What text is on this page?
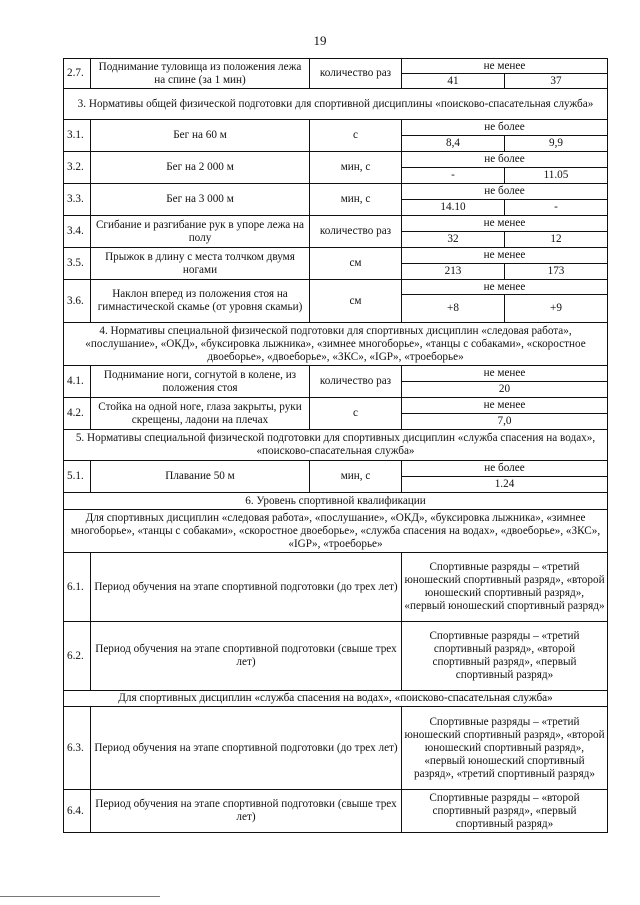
19
2.7.	Поднимание туловища из положения лежа на спине (за 1 мин)	количество раз	не менее	
			41	37
3. Нормативы общей физической подготовки для спортивной дисциплины «поисково-спасательная служба»				
3.1.	Бег на 60 м	с	не более	
			8,4	9,9
3.2.	Бег на 2 000 м	мин, с	не более	
			-	11.05
3.3.	Бег на 3 000 м	мин, с	не более	
			14.10	-
3.4.	Сгибание и разгибание рук в упоре лежа на полу	количество раз	не менее	
			32	12
3.5.	Прыжок в длину с места толчком двумя ногами	см	не менее	
			213	173
3.6.	Наклон вперед из положения стоя на гимнастической скамье (от уровня скамьи)	см	не менее	
			+8	+9
4. Нормативы специальной физической подготовки для спортивных дисциплин «следовая работа», «послушание», «ОКД», «буксировка лыжника», «зимнее многоборье», «танцы с собаками», «скоростное двоеборье», «двоеборье», «ЗКС», «IGP», «троеборье»				
4.1.	Поднимание ноги, согнутой в колене, из положения стоя	количество раз	не менее	
			20	
4.2.	Стойка на одной ноге, глаза закрыты, руки скрещены, ладони на плечах	с	не менее	
			7,0	
5. Нормативы специальной физической подготовки для спортивных дисциплин «служба спасения на водах», «поисково-спасательная служба»				
5.1.	Плавание 50 м	мин, с	не более	
			1.24	
6. Уровень спортивной квалификации				
Для спортивных дисциплин «следовая работа», «послушание», «ОКД», «буксировка лыжника», «зимнее многоборье», «танцы с собаками», «скоростное двоеборье», «служба спасения на водах», «двоеборье», «ЗКС», «IGP», «троеборье»				
6.1.	Период обучения на этапе спортивной подготовки (до трех лет)		Спортивные разряды – «третий юношеский спортивный разряд», «второй юношеский спортивный разряд», «первый юношеский спортивный разряд»	
6.2.	Период обучения на этапе спортивной подготовки (свыше трех лет)		Спортивные разряды – «третий спортивный разряд», «второй спортивный разряд», «первый спортивный разряд»	
Для спортивных дисциплин «служба спасения на водах», «поисково-спасательная служба»				
6.3.	Период обучения на этапе спортивной подготовки (до трех лет)		Спортивные разряды – «третий юношеский спортивный разряд», «второй юношеский спортивный разряд», «первый юношеский спортивный разряд», «третий спортивный разряд»	
6.4.	Период обучения на этапе спортивной подготовки (свыше трех лет)		Спортивные разряды – «второй спортивный разряд», «первый спортивный разряд»	
